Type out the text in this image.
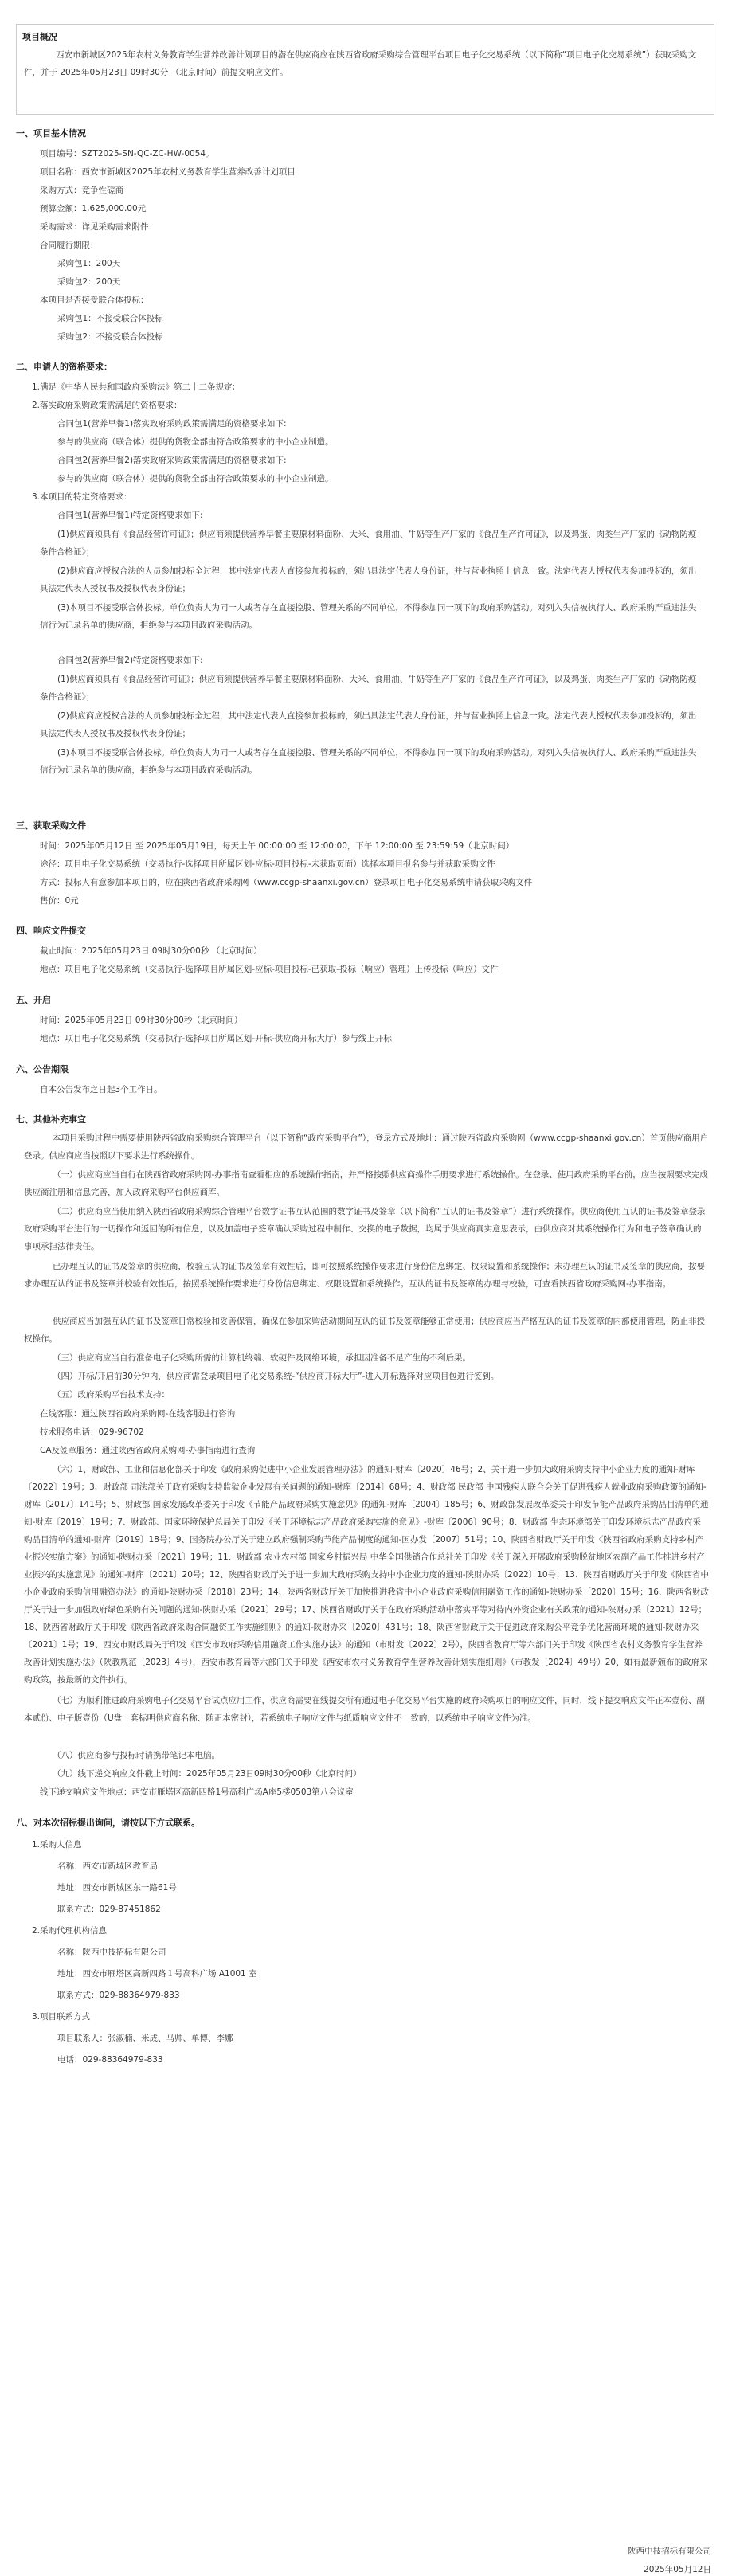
项目概况
西安市新城区2025年农村义务教育学生营养改善计划项目的潜在供应商应在陕西省政府采购综合管理平台项目电子化交易系统（以下简称“项目电子化交易系统”）获取采购文件，并于 2025年05月23日 09时30分 （北京时间）前提交响应文件。
一、项目基本情况
项目编号：SZT2025-SN-QC-ZC-HW-0054。
项目名称：西安市新城区2025年农村义务教育学生营养改善计划项目
采购方式：竞争性磋商
预算金额：1,625,000.00元
采购需求：详见采购需求附件
合同履行期限：
采购包1：200天
采购包2：200天
本项目是否接受联合体投标：
采购包1：不接受联合体投标
采购包2：不接受联合体投标
二、申请人的资格要求：
1.满足《中华人民共和国政府采购法》第二十二条规定;
2.落实政府采购政策需满足的资格要求：
合同包1(营养早餐1)落实政府采购政策需满足的资格要求如下:
参与的供应商（联合体）提供的货物全部由符合政策要求的中小企业制造。
合同包2(营养早餐2)落实政府采购政策需满足的资格要求如下:
参与的供应商（联合体）提供的货物全部由符合政策要求的中小企业制造。
3.本项目的特定资格要求：
合同包1(营养早餐1)特定资格要求如下:
(1)供应商须具有《食品经营许可证》；供应商须提供营养早餐主要原材料面粉、大米、食用油、牛奶等生产厂家的《食品生产许可证》，以及鸡蛋、肉类生产厂家的《动物防疫条件合格证》；
(2)供应商应授权合法的人员参加投标全过程，其中法定代表人直接参加投标的，须出具法定代表人身份证，并与营业执照上信息一致。法定代表人授权代表参加投标的，须出具法定代表人授权书及授权代表身份证；
(3)本项目不接受联合体投标。单位负责人为同一人或者存在直接控股、管理关系的不同单位，不得参加同一项下的政府采购活动。对列入失信被执行人、政府采购严重违法失信行为记录名单的供应商，拒绝参与本项目政府采购活动。
合同包2(营养早餐2)特定资格要求如下:
(1)供应商须具有《食品经营许可证》；供应商须提供营养早餐主要原材料面粉、大米、食用油、牛奶等生产厂家的《食品生产许可证》，以及鸡蛋、肉类生产厂家的《动物防疫条件合格证》；
(2)供应商应授权合法的人员参加投标全过程，其中法定代表人直接参加投标的，须出具法定代表人身份证，并与营业执照上信息一致。法定代表人授权代表参加投标的，须出具法定代表人授权书及授权代表身份证；
(3)本项目不接受联合体投标。单位负责人为同一人或者存在直接控股、管理关系的不同单位，不得参加同一项下的政府采购活动。对列入失信被执行人、政府采购严重违法失信行为记录名单的供应商，拒绝参与本项目政府采购活动。
三、获取采购文件
时间：2025年05月12日 至 2025年05月19日，每天上午 00:00:00 至 12:00:00，下午 12:00:00 至 23:59:59（北京时间）
途径：项目电子化交易系统（交易执行-选择项目所属区划-应标-项目投标-未获取页面）选择本项目报名参与并获取采购文件
方式：投标人有意参加本项目的，应在陕西省政府采购网（www.ccgp-shaanxi.gov.cn）登录项目电子化交易系统申请获取采购文件
售价：0元
四、响应文件提交
截止时间：2025年05月23日 09时30分00秒 （北京时间）
地点：项目电子化交易系统（交易执行-选择项目所属区划-应标-项目投标-已获取-投标（响应）管理）上传投标（响应）文件
五、开启
时间：2025年05月23日 09时30分00秒（北京时间）
地点：项目电子化交易系统（交易执行-选择项目所属区划-开标-供应商开标大厅）参与线上开标
六、公告期限
自本公告发布之日起3个工作日。
七、其他补充事宜
本项目采购过程中需要使用陕西省政府采购综合管理平台（以下简称“政府采购平台”），登录方式及地址：通过陕西省政府采购网（www.ccgp-shaanxi.gov.cn）首页供应商用户登录。供应商应当按照以下要求进行系统操作。
（一）供应商应当自行在陕西省政府采购网-办事指南查看相应的系统操作指南，并严格按照供应商操作手册要求进行系统操作。在登录、使用政府采购平台前，应当按照要求完成供应商注册和信息完善，加入政府采购平台供应商库。
（二）供应商应当使用纳入陕西省政府采购综合管理平台数字证书互认范围的数字证书及签章（以下简称“互认的证书及签章”）进行系统操作。供应商使用互认的证书及签章登录政府采购平台进行的一切操作和返回的所有信息，以及加盖电子签章确认采购过程中制作、交换的电子数据，均属于供应商真实意思表示，由供应商对其系统操作行为和电子签章确认的事项承担法律责任。
已办理互认的证书及签章的供应商，校验互认的证书及签章有效性后，即可按照系统操作要求进行身份信息绑定、权限设置和系统操作；未办理互认的证书及签章的供应商，按要求办理互认的证书及签章并校验有效性后，按照系统操作要求进行身份信息绑定、权限设置和系统操作。互认的证书及签章的办理与校验，可查看陕西省政府采购网-办事指南。
供应商应当加强互认的证书及签章日常校验和妥善保管，确保在参加采购活动期间互认的证书及签章能够正常使用；供应商应当严格互认的证书及签章的内部使用管理，防止非授权操作。
（三）供应商应当自行准备电子化采购所需的计算机终端、软硬件及网络环境，承担因准备不足产生的不利后果。
（四）开标/开启前30分钟内，供应商需登录项目电子化交易系统-“供应商开标大厅”-进入开标选择对应项目包进行签到。
（五）政府采购平台技术支持：
在线客服：通过陕西省政府采购网-在线客服进行咨询
技术服务电话：029-96702
CA及签章服务：通过陕西省政府采购网-办事指南进行查询
（六）1、财政部、工业和信息化部关于印发《政府采购促进中小企业发展管理办法》的通知-财库〔2020〕46号；2、关于进一步加大政府采购支持中小企业力度的通知-财库〔2022〕19号；3、财政部 司法部关于政府采购支持监狱企业发展有关问题的通知-财库〔2014〕68号；4、财政部 民政部 中国残疾人联合会关于促进残疾人就业政府采购政策的通知-财库〔2017〕141号；5、财政部 国家发展改革委关于印发《节能产品政府采购实施意见》的通知-财库〔2004〕185号；6、财政部发展改革委关于印发节能产品政府采购品目清单的通知-财库〔2019〕19号；7、财政部、国家环境保护总局关于印发《关于环境标志产品政府采购实施的意见》-财库〔2006〕90号；8、财政部 生态环境部关于印发环境标志产品政府采购品目清单的通知-财库〔2019〕18号；9、国务院办公厅关于建立政府强制采购节能产品制度的通知-国办发〔2007〕51号；10、陕西省财政厅关于印发《陕西省政府采购支持乡村产业振兴实施方案》的通知-陕财办采〔2021〕19号；11、财政部 农业农村部 国家乡村振兴局 中华全国供销合作总社关于印发《关于深入开展政府采购脱贫地区农副产品工作推进乡村产业振兴的实施意见》的通知-财库〔2021〕20号；12、陕西省财政厅关于进一步加大政府采购支持中小企业力度的通知-陕财办采〔2022〕10号；13、陕西省财政厅关于印发《陕西省中小企业政府采购信用融资办法》的通知-陕财办采〔2018〕23号；14、陕西省财政厅关于加快推进我省中小企业政府采购信用融资工作的通知-陕财办采〔2020〕15号；16、陕西省财政厅关于进一步加强政府绿色采购有关问题的通知-陕财办采〔2021〕29号；17、陕西省财政厅关于在政府采购活动中落实平等对待内外资企业有关政策的通知-陕财办采〔2021〕12号；18、陕西省财政厅关于印发《陕西省政府采购合同融资工作实施细则》的通知-陕财办采〔2020〕431号；18、陕西省财政厅关于促进政府采购公平竞争优化营商环境的通知-陕财办采〔2021〕1号；19、西安市财政局关于印发《西安市政府采购信用融资工作实施办法》的通知（市财发〔2022〕2号），陕西省教育厅等六部门关于印发《陕西省农村义务教育学生营养改善计划实施办法》（陕教规范〔2023〕4号），西安市教育局等六部门关于印发《西安市农村义务教育学生营养改善计划实施细则》（市教发〔2024〕49号）20、如有最新颁布的政府采购政策，按最新的文件执行。
（七）为顺利推进政府采购电子化交易平台试点应用工作，供应商需要在线提交所有通过电子化交易平台实施的政府采购项目的响应文件，同时，线下提交响应文件正本壹份、副本贰份、电子版壹份（U盘一套标明供应商名称、随正本密封），若系统电子响应文件与纸质响应文件不一致的，以系统电子响应文件为准。
（八）供应商参与投标时请携带笔记本电脑。
（九）线下递交响应文件截止时间：2025年05月23日09时30分00秒（北京时间）
线下递交响应文件地点：西安市雁塔区高新四路1号高科广场A座5楼0503第八会议室
八、对本次招标提出询问，请按以下方式联系。
1.采购人信息
名称：西安市新城区教育局
地址：西安市新城区东一路61号
联系方式：029-87451862
2.采购代理机构信息
名称：陕西中技招标有限公司
地址：西安市雁塔区高新四路１号高科广场 A1001 室
联系方式：029-88364979-833
3.项目联系方式
项目联系人：张淑楠、米成、马帅、单博、李娜
电话：029-88364979-833
陕西中技招标有限公司
2025年05月12日
